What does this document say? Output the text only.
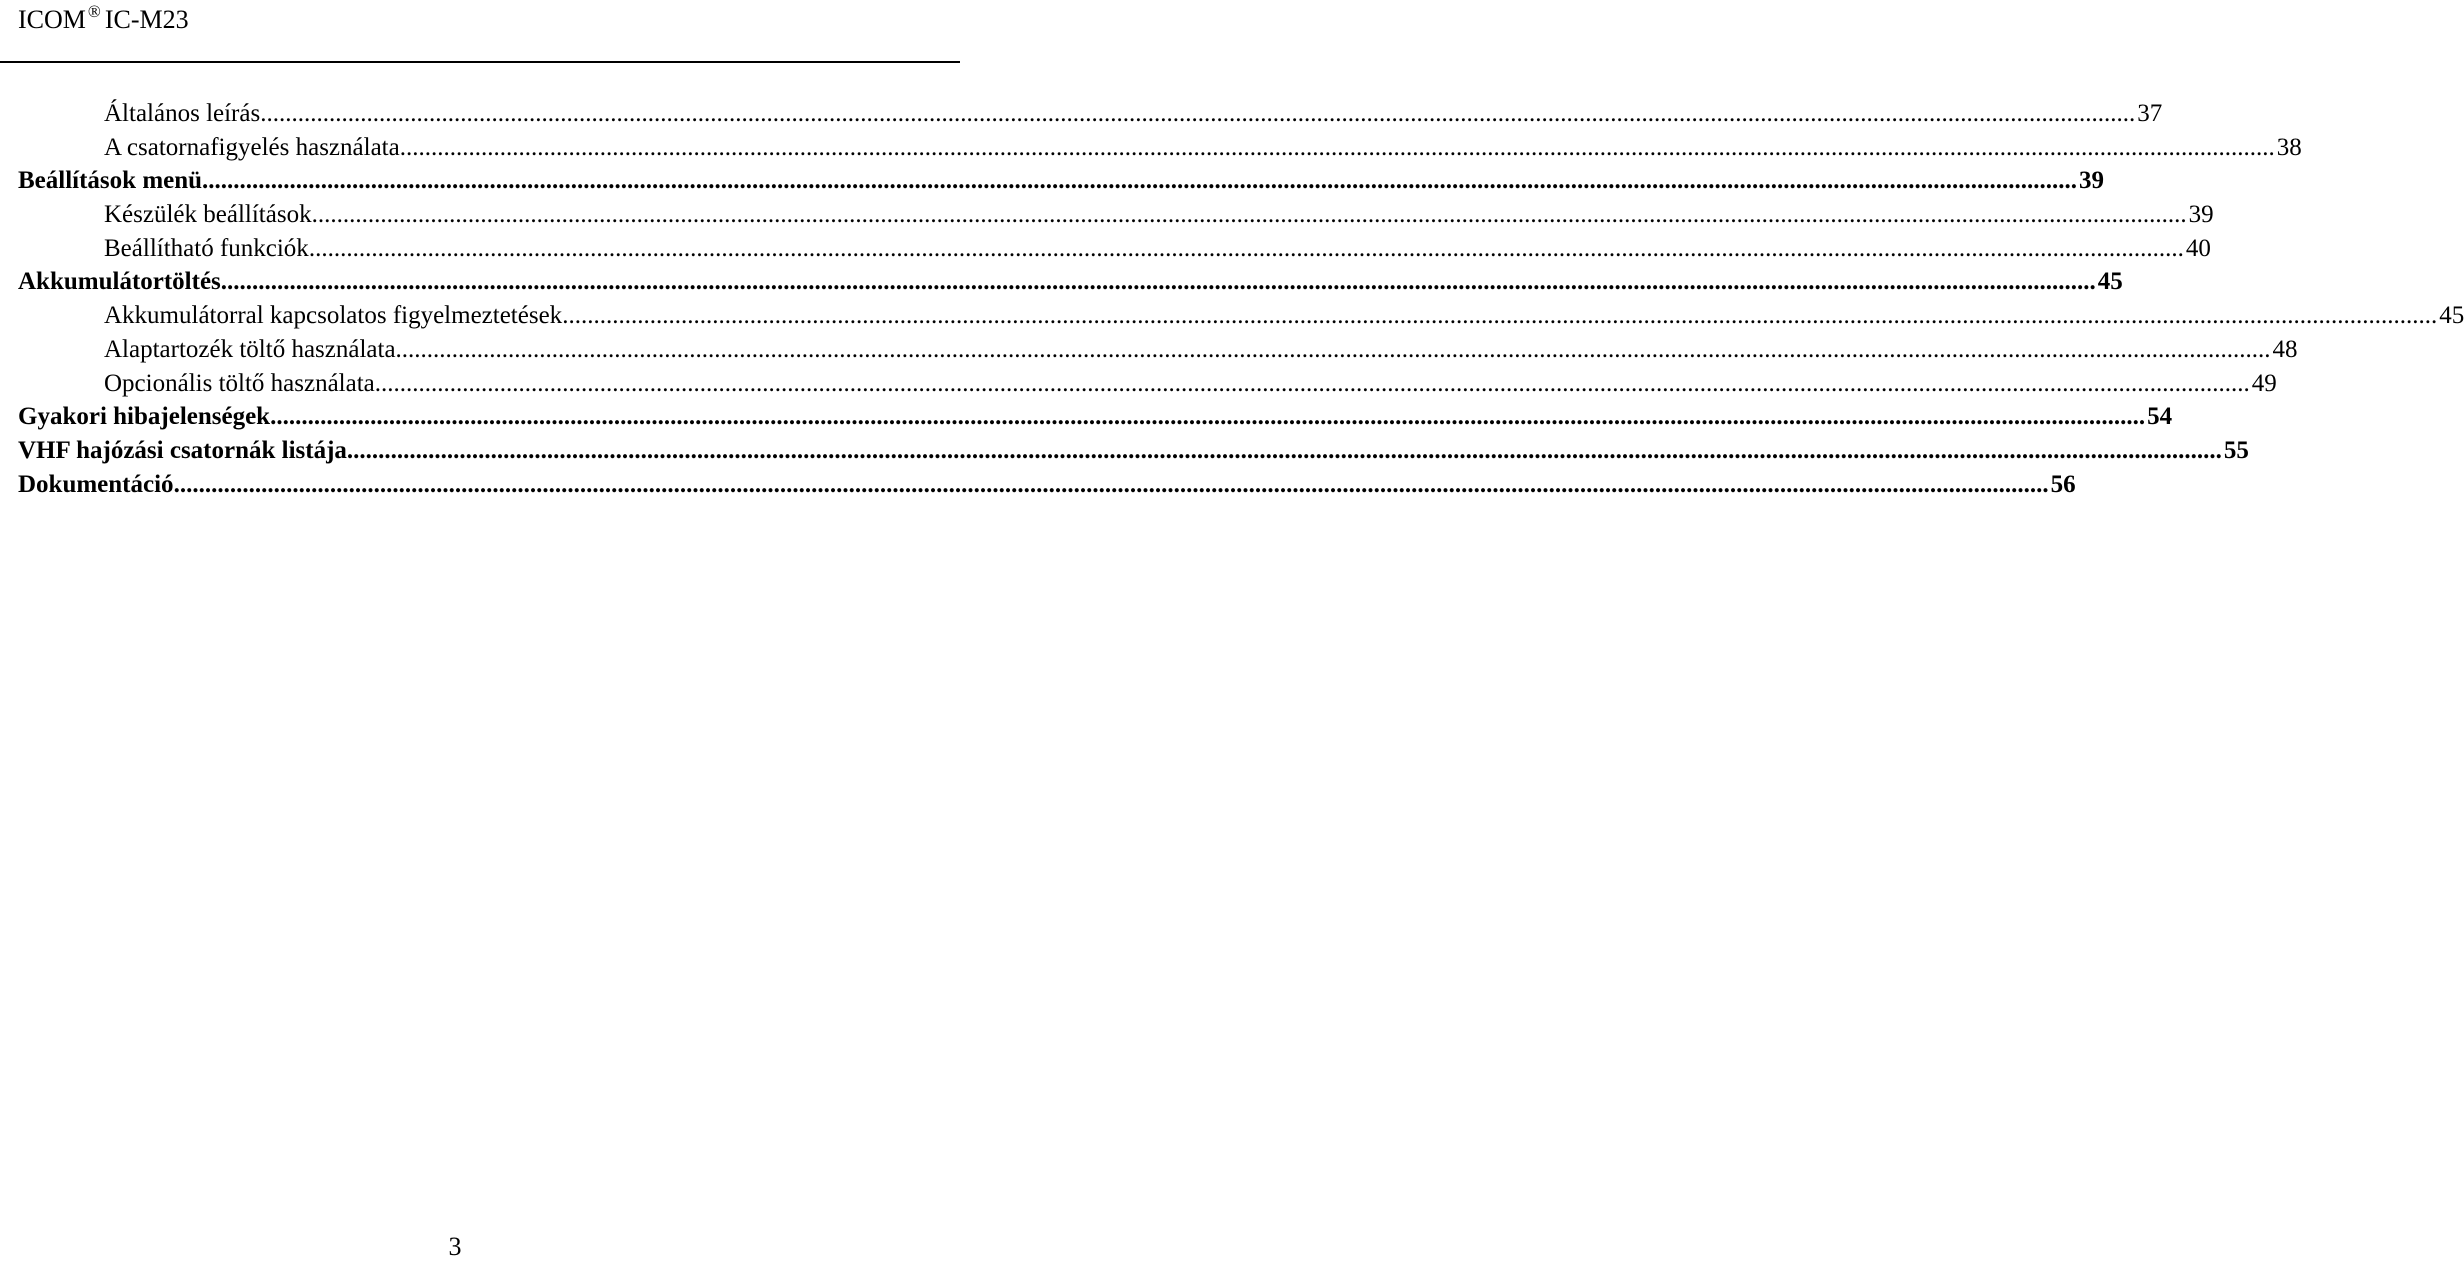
ICOM ® IC-M23
Általános leírás ............................................................................................................................................................................................................................................................................................................ 37
A csatornafigyelés használata ............................................................................................................................................................................................................................................................................................................ 38
Beállítások menü ............................................................................................................................................................................................................................................................................................................ 39
Készülék beállítások ............................................................................................................................................................................................................................................................................................................ 39
Beállítható funkciók ............................................................................................................................................................................................................................................................................................................ 40
Akkumulátortöltés ............................................................................................................................................................................................................................................................................................................ 45
Akkumulátorral kapcsolatos figyelmeztetések ............................................................................................................................................................................................................................................................................................................ 45
Alaptartozék töltő használata ............................................................................................................................................................................................................................................................................................................ 48
Opcionális töltő használata ............................................................................................................................................................................................................................................................................................................ 49
Gyakori hibajelenségek ............................................................................................................................................................................................................................................................................................................ 54
VHF hajózási csatornák listája ............................................................................................................................................................................................................................................................................................................ 55
Dokumentáció ............................................................................................................................................................................................................................................................................................................ 56
3
